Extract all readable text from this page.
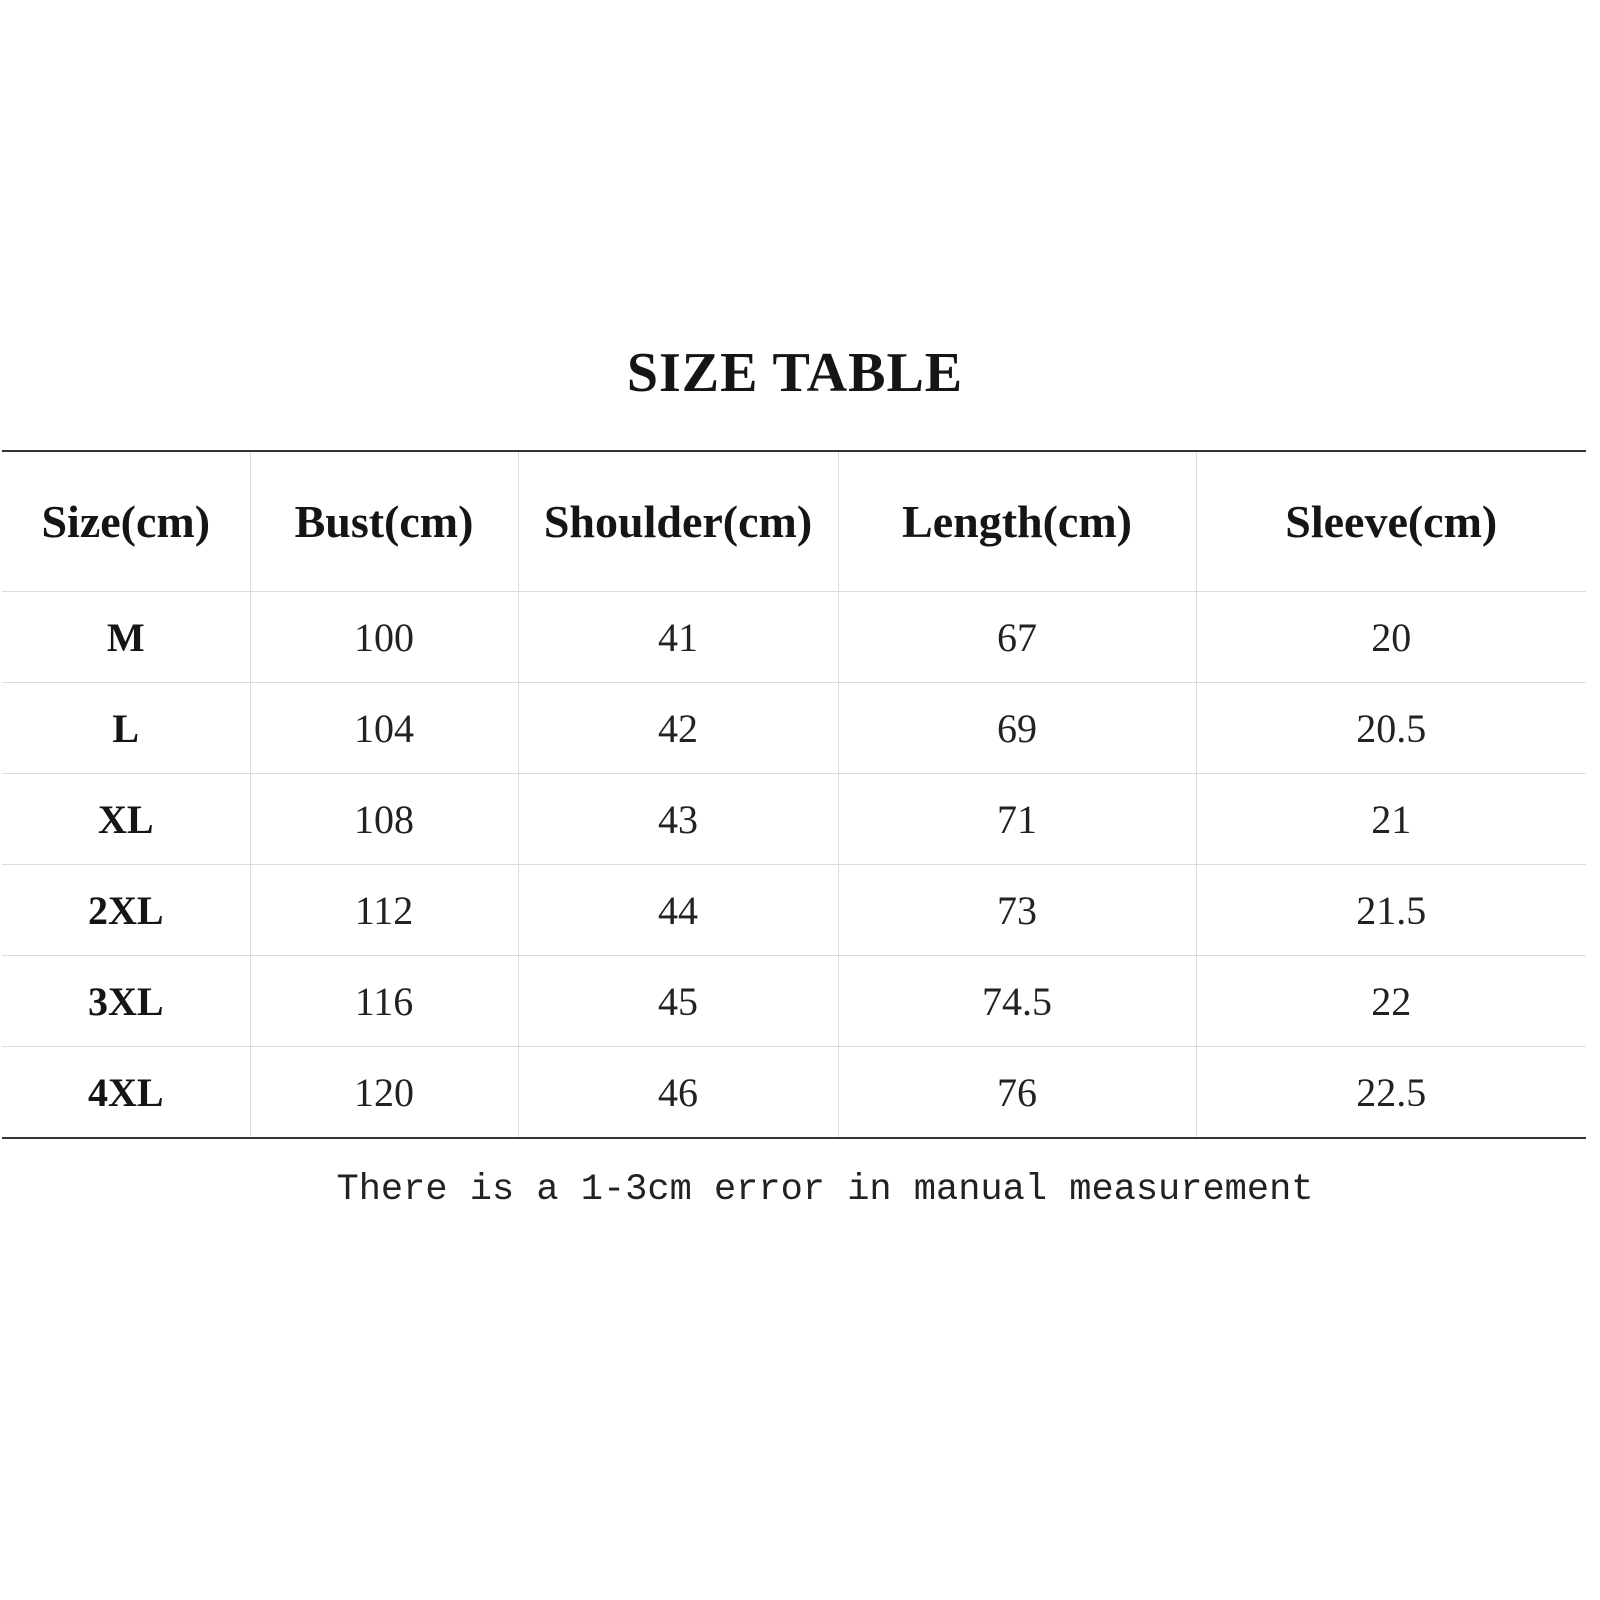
SIZE TABLE
Size(cm)	Bust(cm)	Shoulder(cm)	Length(cm)	Sleeve(cm)
M	100	41	67	20
L	104	42	69	20.5
XL	108	43	71	21
2XL	112	44	73	21.5
3XL	116	45	74.5	22
4XL	120	46	76	22.5
There is a 1-3cm error in manual measurement
